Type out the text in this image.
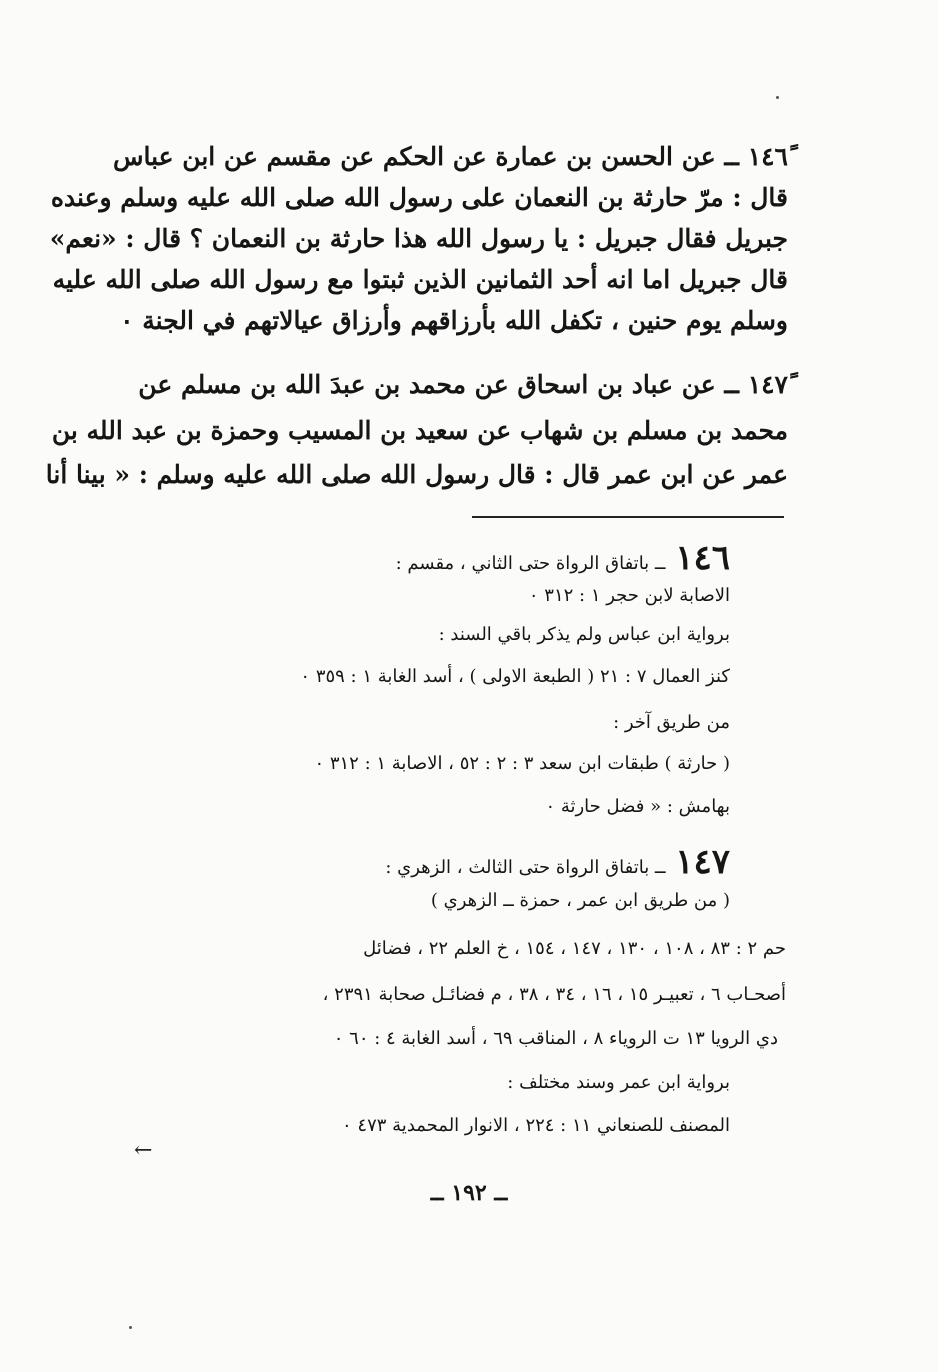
١٤٦ً ــ عن الحسن بن عمارة عن الحكم عن مقسم عن ابن عباس
قال : مرّ حارثة بن النعمان على رسول الله صلى الله عليه وسلم وعنده
جبريل فقال جبريل : يا رسول الله هذا حارثة بن النعمان ؟ قال : «نعم»
قال جبريل اما انه أحد الثمانين الذين ثبتوا مع رسول الله صلى الله عليه
وسلم يوم حنين ، تكفل الله بأرزاقهم وأرزاق عيالاتهم في الجنة ٠
١٤٧ً ــ عن عباد بن اسحاق عن محمد بن عبدَ الله بن مسلم عن
محمد بن مسلم بن شهاب عن سعيد بن المسيب وحمزة بن عبد الله بن
عمر عن ابن عمر قال : قال رسول الله صلى الله عليه وسلم : « بينا أنا
١٤٦ ــ باتفاق الرواة حتى الثاني ، مقسم :
الاصابة لابن حجر ١ : ٣١٢ ٠
برواية ابن عباس ولم يذكر باقي السند :
كنز العمال ٧ : ٢١ ( الطبعة الاولى ) ، أسد الغابة ١ : ٣٥٩ ٠
من طريق آخر :
( حارثة ) طبقات ابن سعد ٣ : ٢ : ٥٢ ، الاصابة ١ : ٣١٢ ٠
بهامش : « فضل حارثة ٠
١٤٧ ــ باتفاق الرواة حتى الثالث ، الزهري :
( من طريق ابن عمر ، حمزة ــ الزهري )
حم ٢ : ٨٣ ، ١٠٨ ، ١٣٠ ، ١٤٧ ، ١٥٤ ، خ العلم ٢٢ ، فضائل
أصحـاب ٦ ، تعبيـر ١٥ ، ١٦ ، ٣٤ ، ٣٨ ، م فضائـل صحابة ٢٣٩١ ،
دي الرويا ١٣ ت الروياء ٨ ، المناقب ٦٩ ، أسد الغابة ٤ : ٦٠ ٠
برواية ابن عمر وسند مختلف :
المصنف للصنعاني ١١ : ٢٢٤ ، الانوار المحمدية ٤٧٣ ٠
←
ــ ١٩٢ ــ
